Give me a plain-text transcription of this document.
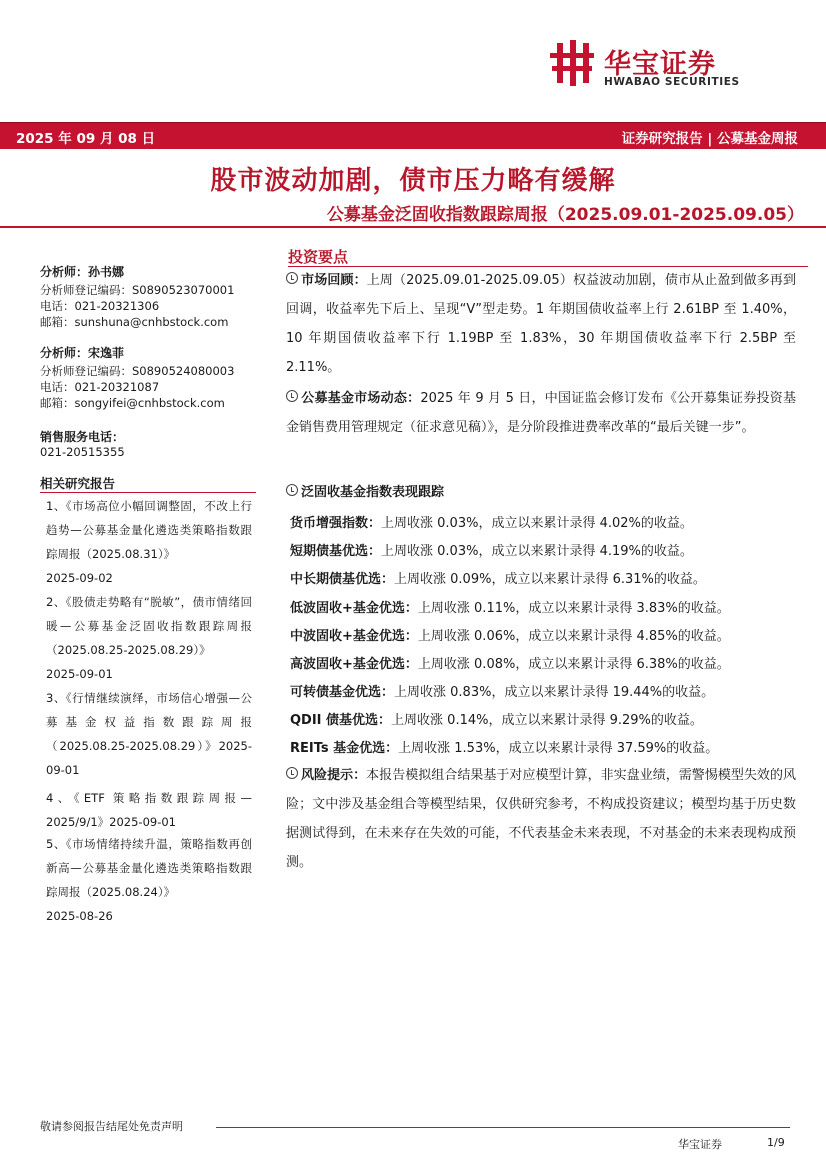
华宝证券
HWABAO SECURITIES
2025 年 09 月 08 日	证券研究报告 | 公募基金周报
股市波动加剧，债市压力略有缓解
公募基金泛固收指数跟踪周报（2025.09.01-2025.09.05）
分析师：孙书娜
分析师登记编码：S0890523070001
电话：021-20321306
邮箱：sunshuna@cnhbstock.com
分析师：宋逸菲
分析师登记编码：S0890524080003
电话：021-20321087
邮箱：songyifei@cnhbstock.com
销售服务电话：
021-20515355
相关研究报告
1、《市场高位小幅回调整固，不改上行趋势—公募基金量化遴选类策略指数跟踪周报（2025.08.31）》
2025-09-02
2、《股债走势略有“脱敏”，债市情绪回暖—公募基金泛固收指数跟踪周报（2025.08.25-2025.08.29）》
2025-09-01
3、《行情继续演绎，市场信心增强—公募基金权益指数跟踪周报（2025.08.25-2025.08.29）》2025-09-01
4、《ETF 策略指数跟踪周报—2025/9/1》2025-09-01
5、《市场情绪持续升温，策略指数再创新高—公募基金量化遴选类策略指数跟踪周报（2025.08.24）》
2025-08-26
投资要点
市场回顾：上周（2025.09.01-2025.09.05）权益波动加剧，债市从止盈到做多再到回调，收益率先下后上、呈现“V”型走势。1 年期国债收益率上行 2.61BP 至 1.40%，10 年期国债收益率下行 1.19BP 至 1.83%，30 年期国债收益率下行 2.5BP 至 2.11%。
公募基金市场动态：2025 年 9 月 5 日，中国证监会修订发布《公开募集证券投资基金销售费用管理规定（征求意见稿）》，是分阶段推进费率改革的“最后关键一步”。
泛固收基金指数表现跟踪
货币增强指数：上周收涨 0.03%，成立以来累计录得 4.02%的收益。
短期债基优选：上周收涨 0.03%，成立以来累计录得 4.19%的收益。
中长期债基优选：上周收涨 0.09%，成立以来累计录得 6.31%的收益。
低波固收+基金优选：上周收涨 0.11%，成立以来累计录得 3.83%的收益。
中波固收+基金优选：上周收涨 0.06%，成立以来累计录得 4.85%的收益。
高波固收+基金优选：上周收涨 0.08%，成立以来累计录得 6.38%的收益。
可转债基金优选：上周收涨 0.83%，成立以来累计录得 19.44%的收益。
QDII 债基优选：上周收涨 0.14%，成立以来累计录得 9.29%的收益。
REITs 基金优选：上周收涨 1.53%，成立以来累计录得 37.59%的收益。
风险提示：本报告模拟组合结果基于对应模型计算，非实盘业绩，需警惕模型失效的风险；文中涉及基金组合等模型结果，仅供研究参考，不构成投资建议；模型均基于历史数据测试得到，在未来存在失效的可能，不代表基金未来表现，不对基金的未来表现构成预测。
敬请参阅报告结尾处免责声明
华宝证券	1/9
